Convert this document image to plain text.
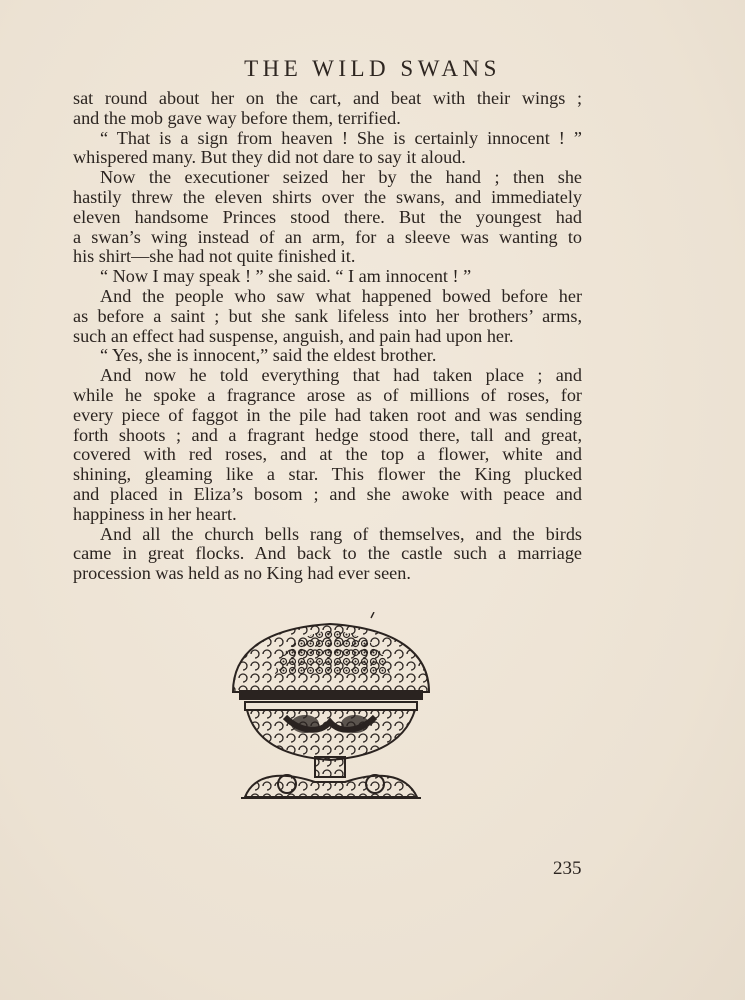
THE WILD SWANS
sat round about her on the cart, and beat with their wings ;
and the mob gave way before them, terrified.
“ That is a sign from heaven ! She is certainly innocent ! ”
whispered many. But they did not dare to say it aloud.
Now the executioner seized her by the hand ; then she
hastily threw the eleven shirts over the swans, and immediately
eleven handsome Princes stood there. But the youngest had
a swan’s wing instead of an arm, for a sleeve was wanting to
his shirt—she had not quite finished it.
“ Now I may speak ! ” she said. “ I am innocent ! ”
And the people who saw what happened bowed before her
as before a saint ; but she sank lifeless into her brothers’ arms,
such an effect had suspense, anguish, and pain had upon her.
“ Yes, she is innocent,” said the eldest brother.
And now he told everything that had taken place ; and
while he spoke a fragrance arose as of millions of roses, for
every piece of faggot in the pile had taken root and was sending
forth shoots ; and a fragrant hedge stood there, tall and great,
covered with red roses, and at the top a flower, white and
shining, gleaming like a star. This flower the King plucked
and placed in Eliza’s bosom ; and she awoke with peace and
happiness in her heart.
And all the church bells rang of themselves, and the birds
came in great flocks. And back to the castle such a marriage
procession was held as no King had ever seen.
235
